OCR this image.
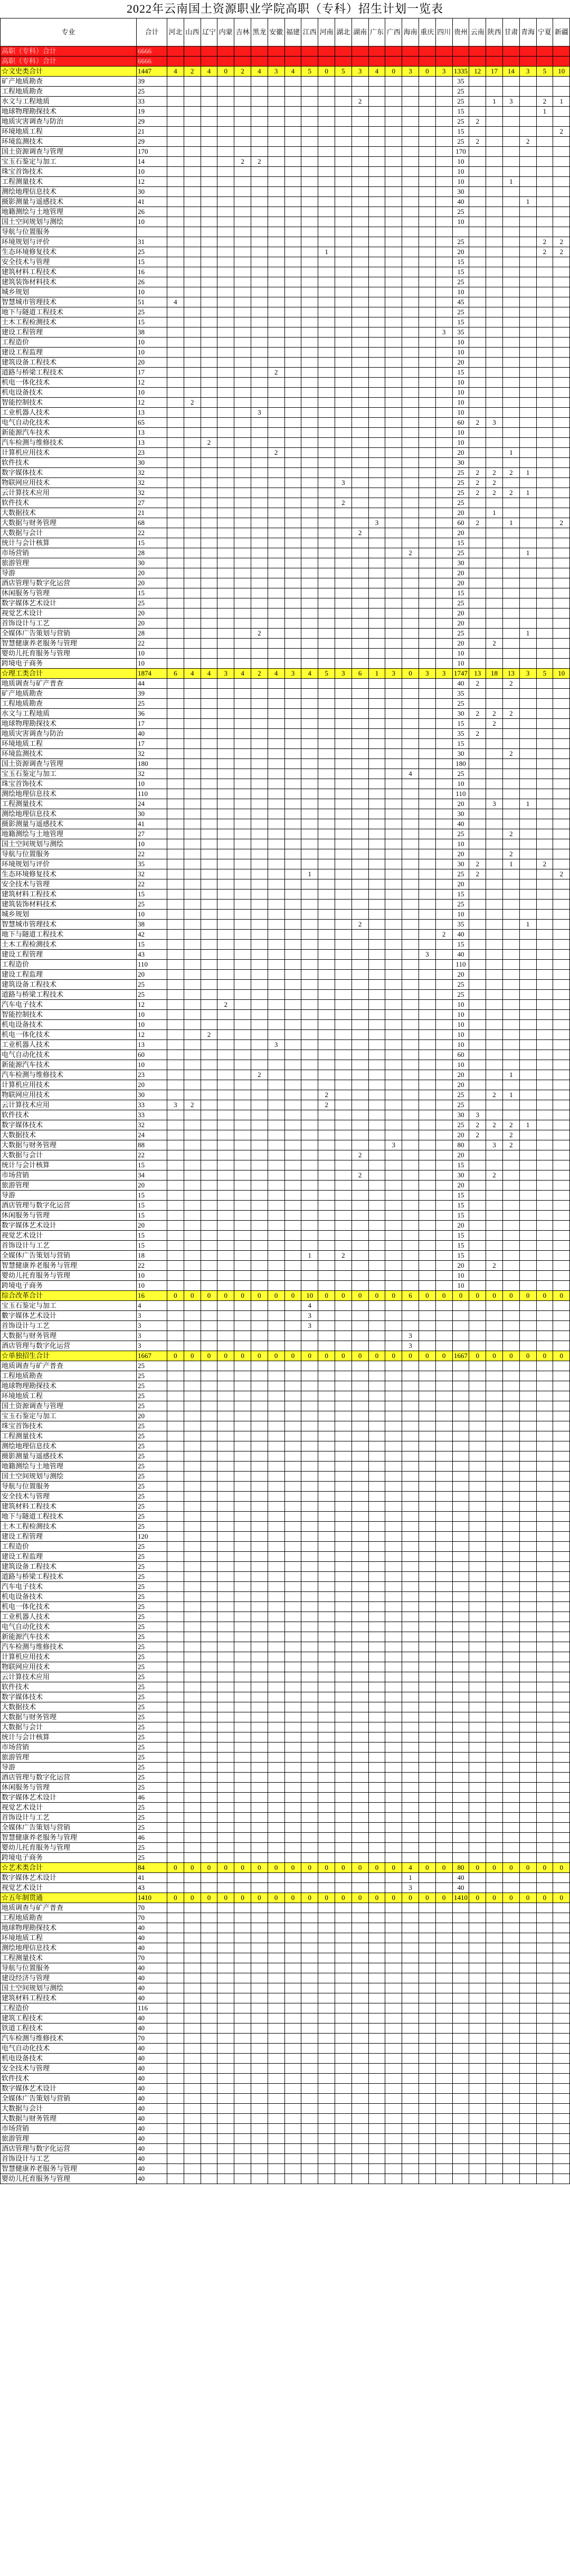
2022年云南国土资源职业学院高职（专科）招生计划一览表
专业	合计	河北	山西	辽宁	内蒙	吉林	黑龙	安徽	福建	江西	河南	湖北	湖南	广东	广西	海南	重庆	四川	贵州	云南	陕西	甘肃	青海	宁夏	新疆
高职（专科）合计	6666																								
高职（专科）合计	6666																								
☆文史类合计	1447	4	2	4	0	2	4	3	4	5	0	5	3	4	0	3	0	3	1335	12	17	14	3	5	10
矿产地质勘查	39																		35						
工程地质勘查	25																		25						
水文与工程地质	33												2						25		1	3		2	1
地球物理勘探技术	19																		15					1	
地质灾害调查与防治	29																		25	2					
环境地质工程	21																		15						2
环境监测技术	29																		25	2			2		
国土资源调查与管理	170																		170						
宝玉石鉴定与加工	14					2	2												10						
珠宝首饰技术	10																		10						
工程测量技术	12																		10			1			
测绘地理信息技术	30																		30						
摄影测量与遥感技术	41																		40				1		
地籍测绘与土地管理	26																		25						
国土空间规划与测绘	10																		10						
导航与位置服务																									
环境规划与评价	31																		25					2	2
生态环境修复技术	25										1								20					2	2
安全技术与管理	15																		15						
建筑材料工程技术	16																		15						
建筑装饰材料技术	26																		25						
城乡规划	10																		10						
智慧城市管理技术	51	4																	45						
地下与隧道工程技术	25																		25						
土木工程检测技术	15																		15						
建设工程管理	38																	3	35						
工程造价	10																		10						
建设工程监理	10																		10						
建筑设备工程技术	20																		20						
道路与桥梁工程技术	17							2											15						
机电一体化技术	12																		10						
机电设备技术	10																		10						
智能控制技术	12		2																10						
工业机器人技术	13						3												10						
电气自动化技术	65																		60	2	3				
新能源汽车技术	13																		10						
汽车检测与维修技术	13			2															10						
计算机应用技术	23							2											20			1			
软件技术	30																		30						
数字媒体技术	32																		25	2	2	2	1		
物联网应用技术	32											3							25	2	2				
云计算技术应用	32																		25	2	2	2	1		
软件技术	27											2							25						
大数据技术	21																		20		1				
大数据与财务管理	68													3					60	2		1			2
大数据与会计	22												2						20						
统计与会计核算	15																		15						
市场营销	28															2			25				1		
旅游管理	30																		30						
导游	20																		20						
酒店管理与数字化运营	20																		20						
休闲服务与管理	15																		15						
数字媒体艺术设计	25																		25						
视觉艺术设计	20																		20						
首饰设计与工艺	20																		20						
全媒体广告策划与营销	28						2												25				1		
智慧健康养老服务与管理	22																		20		2				
婴幼儿托育服务与管理	10																		10						
跨境电子商务	10																		10						
☆理工类合计	1874	6	4	4	3	4	2	4	3	4	5	3	6	1	3	0	3	3	1747	13	18	13	3	5	10
地质调查与矿产普查	44																		40	2		2			
矿产地质勘查	39																		35						
工程地质勘查	25																		25						
水文与工程地质	36																		30	2	2	2			
地球物理勘探技术	17																		15		2				
地质灾害调查与防治	40																		35	2					
环境地质工程	17																		15						
环境监测技术	32																		30			2			
国土资源调查与管理	180																		180						
宝玉石鉴定与加工	32															4			25						
珠宝首饰技术	10																		10						
测绘地理信息技术	110																		110						
工程测量技术	24																		20		3		1		
测绘地理信息技术	30																		30						
摄影测量与遥感技术	41																		40						
地籍测绘与土地管理	27																		25			2			
国土空间规划与测绘	10																		10						
导航与位置服务	22																		20			2			
环境规划与评价	35																		30	2		1		2	
生态环境修复技术	32									1									25	2					2
安全技术与管理	22																		20						
建筑材料工程技术	15																		15						
建筑装饰材料技术	25																		25						
城乡规划	10																		10						
智慧城市管理技术	38												2						35				1		
地下与隧道工程技术	42																	2	40						
土木工程检测技术	15																		15						
建设工程管理	43																3		40						
工程造价	110																		110						
建设工程监理	20																		20						
建筑设备工程技术	25																		25						
道路与桥梁工程技术	25																		25						
汽车电子技术	12				2														10						
智能控制技术	10																		10						
机电设备技术	10																		10						
机电一体化技术	12			2															10						
工业机器人技术	13							3											10						
电气自动化技术	60																		60						
新能源汽车技术	10																		10						
汽车检测与维修技术	23						2												20			1			
计算机应用技术	20																		20						
物联网应用技术	30										2								25		2	1			
云计算技术应用	33	3	2								2								25						
软件技术	33																		30	3					
数字媒体技术	32																		25	2	2	2	1		
大数据技术	24																		20	2		2			
大数据与财务管理	88														3				80		3	2			
大数据与会计	22												2						20						
统计与会计核算	15																		15						
市场营销	34												2						30		2				
旅游管理	20																		20						
导游	15																		15						
酒店管理与数字化运营	15																		15						
休闲服务与管理	15																		15						
数字媒体艺术设计	20																		20						
视觉艺术设计	15																		15						
首饰设计与工艺	15																		15						
全媒体广告策划与营销	18									1		2							15						
智慧健康养老服务与管理	22																		20		2				
婴幼儿托育服务与管理	10																		10						
跨境电子商务	10																		10						
综合改革合计	16	0	0	0	0	0	0	0	0	10	0	0	0	0	0	6	0	0	0	0	0	0	0	0	0
宝玉石鉴定与加工	4									4															
數字媒体艺术设计	3									3															
首饰设计与工艺	3									3															
大数据与财务管理	3															3									
酒店管理与数字化运营	3															3									
☆单独招生合计	1667	0	0	0	0	0	0	0	0	0	0	0	0	0	0	0	0	0	1667	0	0	0	0	0	0
地质调查与矿产普查	25																								
工程地质勘查	25																								
地球物理勘探技术	25																								
环境地质工程	25																								
国土资源调查与管理	25																								
宝玉石鉴定与加工	20																								
珠宝首饰技术	25																								
工程测量技术	25																								
测绘地理信息技术	25																								
摄影测量与遥感技术	25																								
地籍测绘与土地管理	25																								
国土空间规划与测绘	25																								
导航与位置服务	25																								
安全技术与管理	25																								
建筑材料工程技术	25																								
地下与隧道工程技术	25																								
土木工程检测技术	25																								
建设工程管理	120																								
工程造价	25																								
建设工程监理	25																								
建筑设备工程技术	25																								
道路与桥梁工程技术	25																								
汽车电子技术	25																								
机电设备技术	25																								
机电一体化技术	25																								
工业机器人技术	25																								
电气自动化技术	25																								
新能源汽车技术	25																								
汽车检测与维修技术	25																								
计算机应用技术	25																								
物联网应用技术	25																								
云计算技术应用	25																								
软件技术	25																								
数字媒体技术	25																								
大数据技术	25																								
大数据与财务管理	25																								
大数据与会计	25																								
统计与会计核算	25																								
市场营销	25																								
旅游管理	25																								
导游	25																								
酒店管理与数字化运营	25																								
休闲服务与管理	25																								
数字媒体艺术设计	46																								
视觉艺术设计	25																								
首饰设计与工艺	25																								
全媒体广告策划与营销	25																								
智慧健康养老服务与管理	46																								
婴幼儿托育服务与管理	25																								
跨境电子商务	25																								
☆艺术类合计	84	0	0	0	0	0	0	0	0	0	0	0	0	0	0	4	0	0	80	0	0	0	0	0	0
数字媒体艺术设计	41															1			40						
视觉艺术设计	43															3			40						
☆五年制贯通	1410	0	0	0	0	0	0	0	0	0	0	0	0	0	0	0	0	0	1410	0	0	0	0	0	0
地质调查与矿产普查	70																								
工程地质勘查	70																								
地球物理勘探技术	40																								
环境地质工程	40																								
测绘地理信息技术	40																								
工程测量技术	70																								
导航与位置服务	40																								
建设经济与管理	40																								
国土空间规划与测绘	40																								
建筑材料工程技术	40																								
工程造价	116																								
建筑工程技术	40																								
铁道工程技术	40																								
汽车检测与维修技术	70																								
电气自动化技术	40																								
机电设备技术	40																								
安全技术与管理	40																								
软件技术	40																								
数字媒体艺术设计	40																								
全媒体广告策划与营销	40																								
大数据与会计	40																								
大数据与财务管理	40																								
市场营销	40																								
旅游管理	40																								
酒店管理与数字化运营	40																								
首饰设计与工艺	40																								
智慧健康养老服务与管理	40																								
婴幼儿托育服务与管理	40																								
